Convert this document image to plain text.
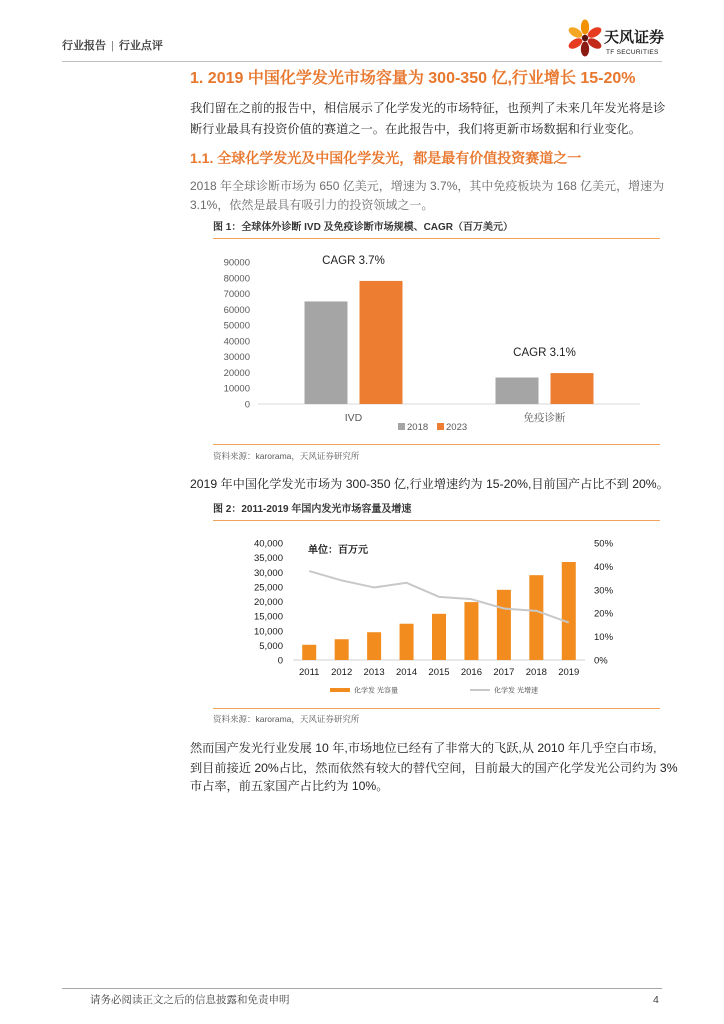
行业报告 | 行业点评	天风证券
TF SECURITIES
1. 2019 中国化学发光市场容量为 300-350 亿,行业增长 15-20%
我们留在之前的报告中，相信展示了化学发光的市场特征，也预判了未来几年发光将是诊
断行业最具有投资价值的赛道之一。在此报告中，我们将更新市场数据和行业变化。
1.1. 全球化学发光及中国化学发光，都是最有价值投资赛道之一
2018 年全球诊断市场为 650 亿美元，增速为 3.7%，其中免疫板块为 168 亿美元，增速为
3.1%，依然是最具有吸引力的投资领域之一。
图 1：全球体外诊断 IVD 及免疫诊断市场规模、CAGR（百万美元）
0
10000
20000
30000
40000
50000
60000
70000
80000
90000
IVD	免疫诊断
CAGR 3.7%
CAGR 3.1%
2018 2023
资料来源：karorama，天风证券研究所
2019 年中国化学发光市场为 300-350 亿,行业增速约为 15-20%,目前国产占比不到 20%。
图 2：2011-2019 年国内发光市场容量及增速
0
5,000
10,000
15,000
20,000
25,000
30,000
35,000
40,000
0%
10%
20%
30%
40%
50%
2011 2012 2013 2014 2015 2016 2017 2018 2019
单位：百万元
化学发 光容量	化学发 光增速
资料来源：karorama，天风证券研究所
然而国产发光行业发展 10 年,市场地位已经有了非常大的飞跃,从 2010 年几乎空白市场,
到目前接近 20%占比，然而依然有较大的替代空间，目前最大的国产化学发光公司约为 3%
市占率，前五家国产占比约为 10%。
请务必阅读正文之后的信息披露和免责申明	4
